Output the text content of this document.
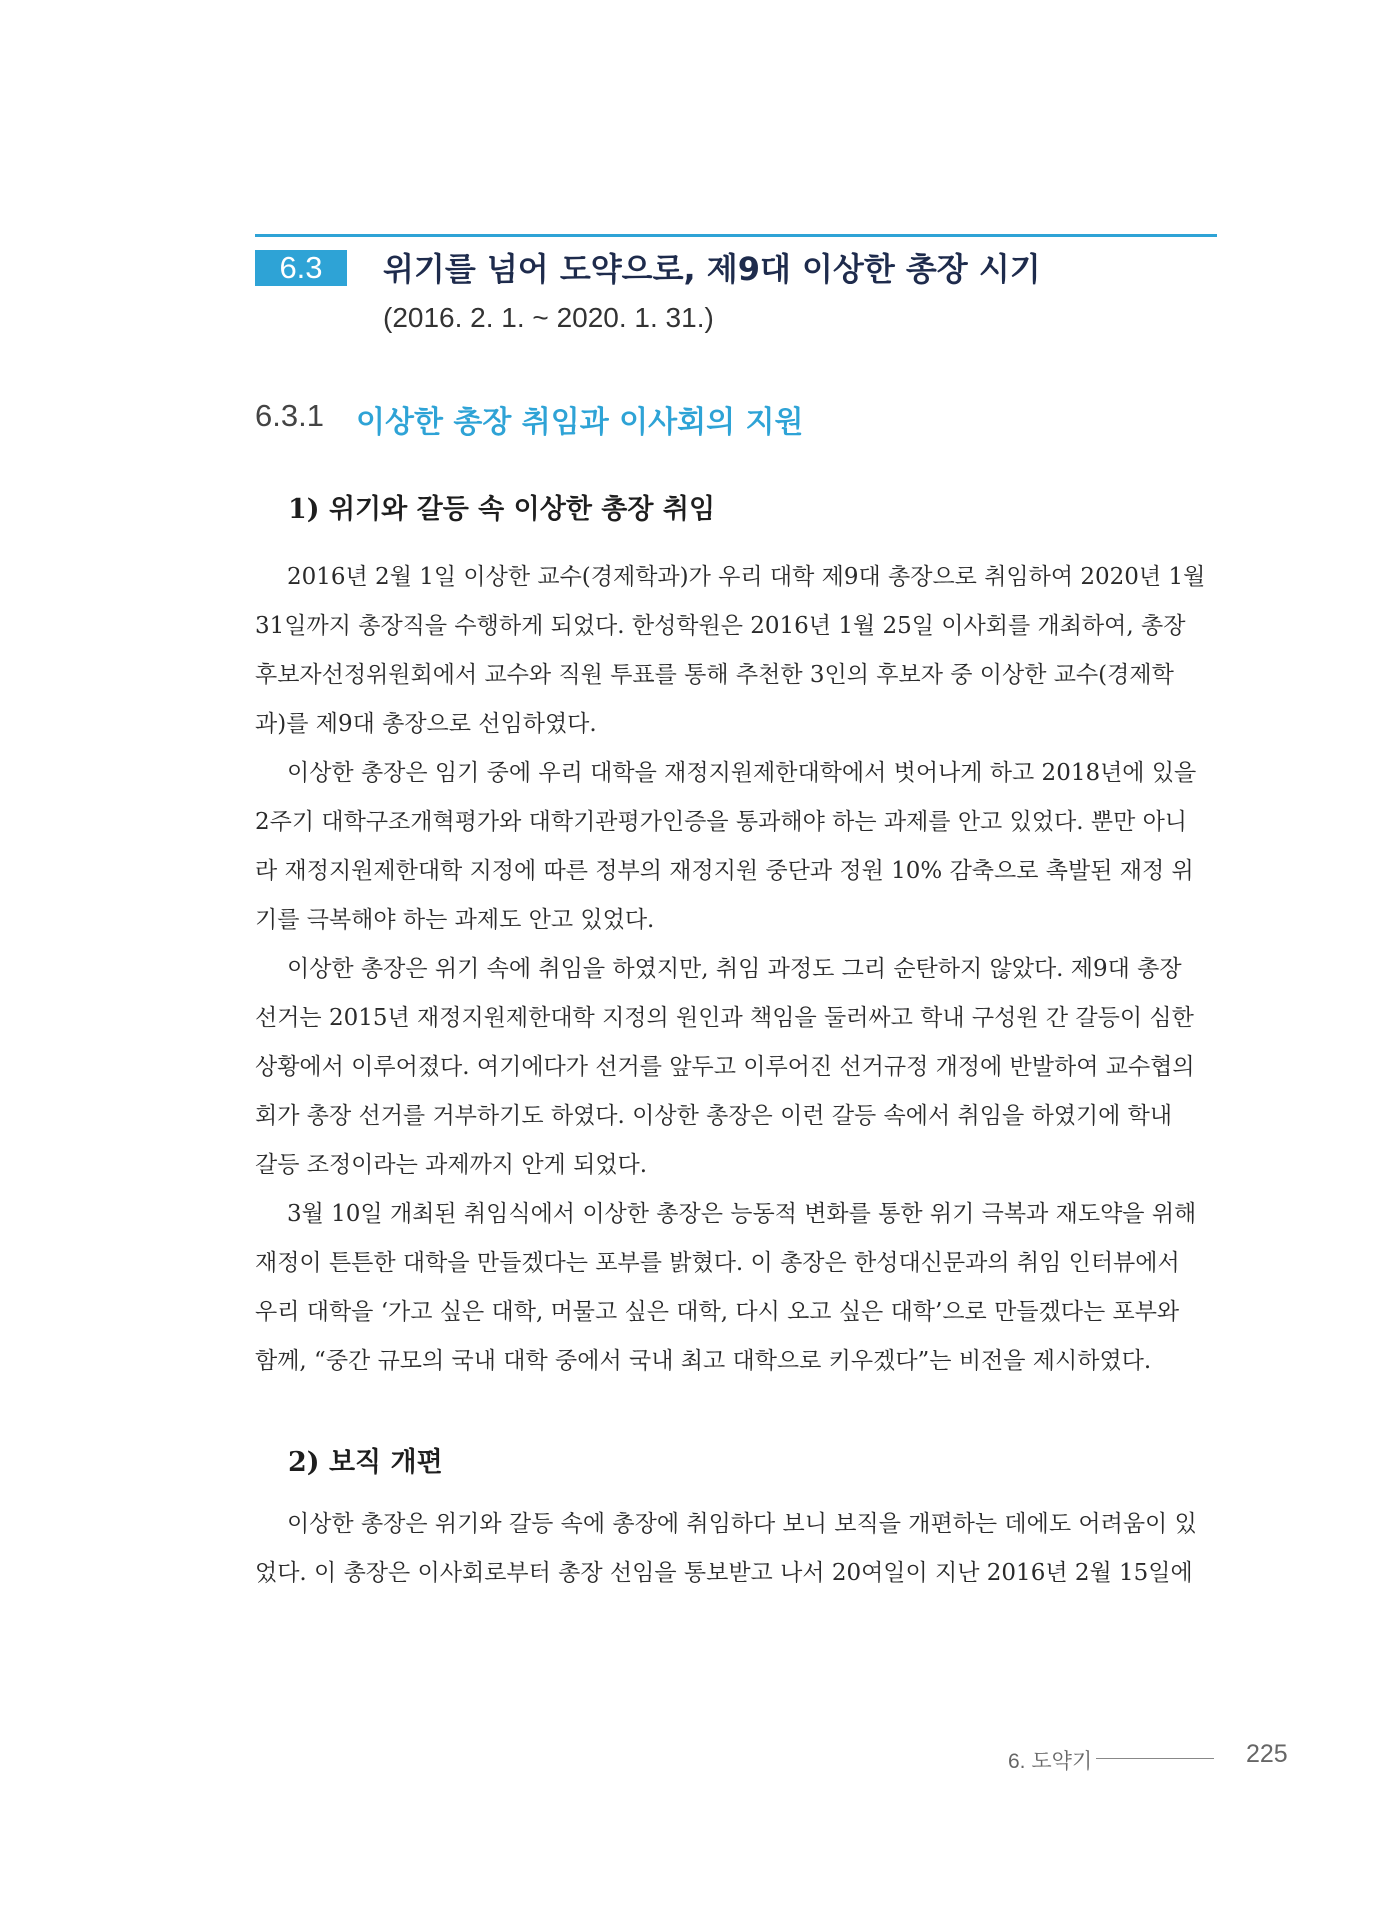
6.3	위기를 넘어 도약으로, 제9대 이상한 총장 시기
(2016. 2. 1. ~ 2020. 1. 31.)
6.3.1 이상한 총장 취임과 이사회의 지원
1) 위기와 갈등 속 이상한 총장 취임
2016년 2월 1일 이상한 교수(경제학과)가 우리 대학 제9대 총장으로 취임하여 2020년 1월
31일까지 총장직을 수행하게 되었다. 한성학원은 2016년 1월 25일 이사회를 개최하여, 총장
후보자선정위원회에서 교수와 직원 투표를 통해 추천한 3인의 후보자 중 이상한 교수(경제학
과)를 제9대 총장으로 선임하였다.
이상한 총장은 임기 중에 우리 대학을 재정지원제한대학에서 벗어나게 하고 2018년에 있을
2주기 대학구조개혁평가와 대학기관평가인증을 통과해야 하는 과제를 안고 있었다. 뿐만 아니
라 재정지원제한대학 지정에 따른 정부의 재정지원 중단과 정원 10% 감축으로 촉발된 재정 위
기를 극복해야 하는 과제도 안고 있었다.
이상한 총장은 위기 속에 취임을 하였지만, 취임 과정도 그리 순탄하지 않았다. 제9대 총장
선거는 2015년 재정지원제한대학 지정의 원인과 책임을 둘러싸고 학내 구성원 간 갈등이 심한
상황에서 이루어졌다. 여기에다가 선거를 앞두고 이루어진 선거규정 개정에 반발하여 교수협의
회가 총장 선거를 거부하기도 하였다. 이상한 총장은 이런 갈등 속에서 취임을 하였기에 학내
갈등 조정이라는 과제까지 안게 되었다.
3월 10일 개최된 취임식에서 이상한 총장은 능동적 변화를 통한 위기 극복과 재도약을 위해
재정이 튼튼한 대학을 만들겠다는 포부를 밝혔다. 이 총장은 한성대신문과의 취임 인터뷰에서
우리 대학을 ‘가고 싶은 대학, 머물고 싶은 대학, 다시 오고 싶은 대학’으로 만들겠다는 포부와
함께, “중간 규모의 국내 대학 중에서 국내 최고 대학으로 키우겠다”는 비전을 제시하였다.
2) 보직 개편
이상한 총장은 위기와 갈등 속에 총장에 취임하다 보니 보직을 개편하는 데에도 어려움이 있
었다. 이 총장은 이사회로부터 총장 선임을 통보받고 나서 20여일이 지난 2016년 2월 15일에
6. 도약기	225
